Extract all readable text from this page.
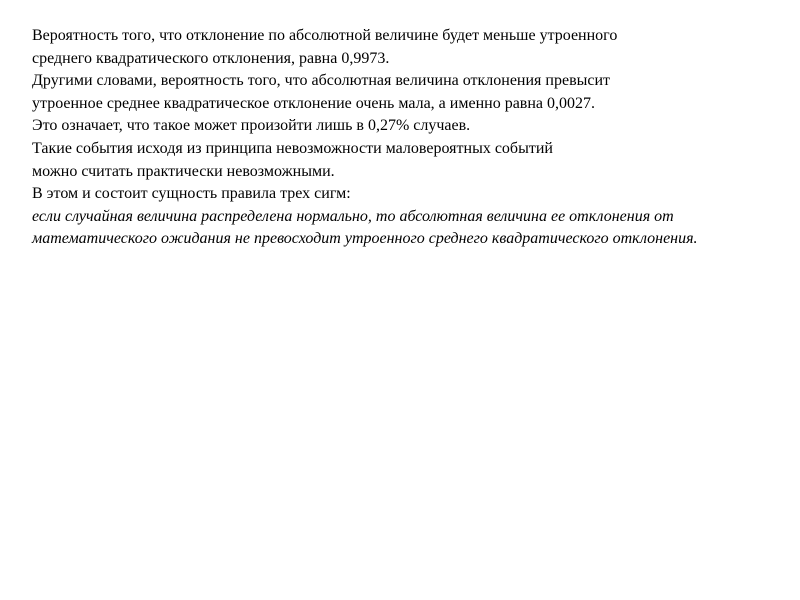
Вероятность того, что отклонение по абсолютной величине будет меньше утроенного
среднего квадратического отклонения, равна 0,9973.
Другими словами, вероятность того, что абсолютная величина отклонения превысит
утроенное среднее квадратическое отклонение очень мала, а именно равна 0,0027.
Это означает, что такое может произойти лишь в 0,27% случаев.
Такие события исходя из принципа невозможности маловероятных событий
можно считать практически невозможными.
В этом и состоит сущность правила трех сигм:
если случайная величина распределена нормально, то абсолютная величина ее отклонения от
математического ожидания не превосходит утроенного среднего квадратического отклонения.
